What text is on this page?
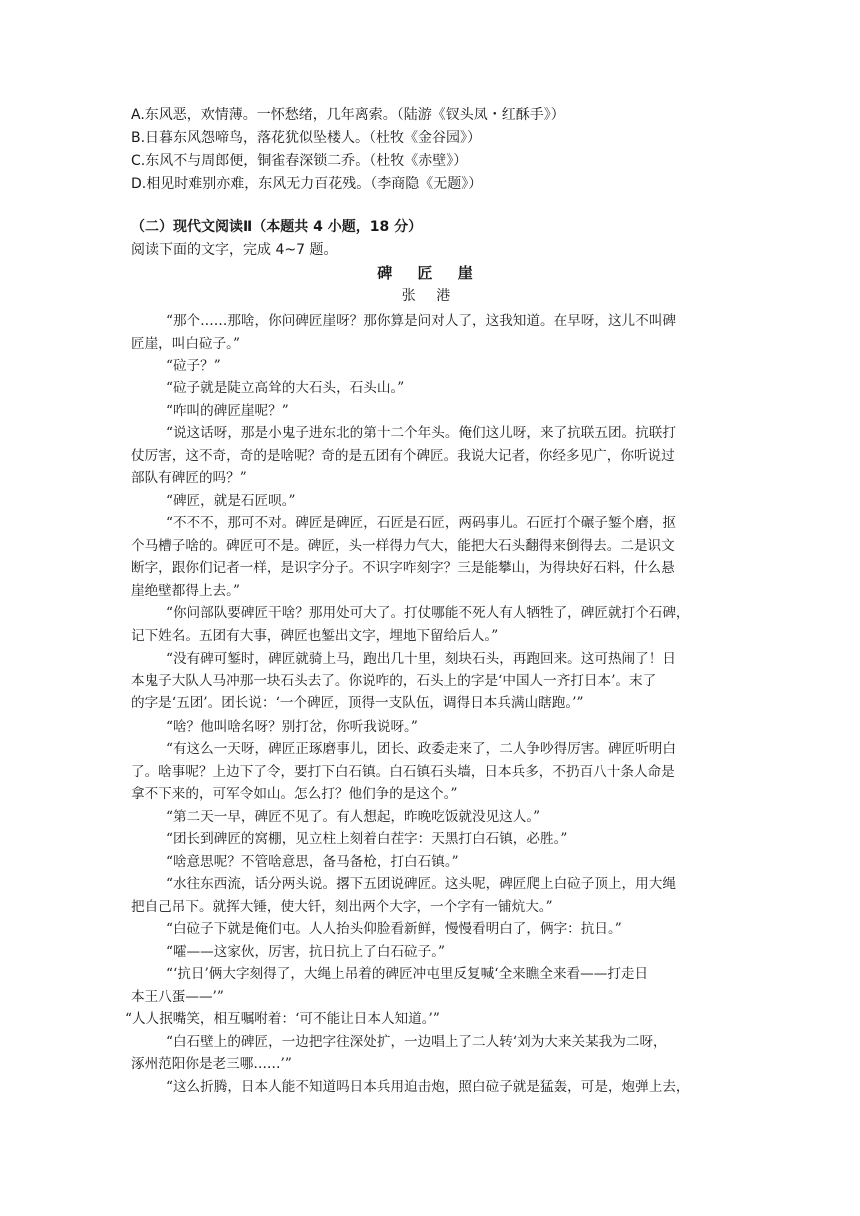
A.东风恶，欢情薄。一怀愁绪，几年离索。（陆游《钗头凤・红酥手》）
B.日暮东风怨啼鸟，落花犹似坠楼人。（杜牧《金谷园》）
C.东风不与周郎便，铜雀春深锁二乔。（杜牧《赤壁》）
D.相见时难别亦难，东风无力百花残。（李商隐《无题》）
（二）现代文阅读Ⅱ（本题共 4 小题，18 分）
阅读下面的文字，完成 4~7 题。
碑 匠 崖
张 港
“那个……那啥，你问碑匠崖呀？那你算是问对人了，这我知道。在早呀，这儿不叫碑
匠崖，叫白砬子。”
“砬子？”
“砬子就是陡立高耸的大石头，石头山。”
“咋叫的碑匠崖呢？”
“说这话呀，那是小鬼子进东北的第十二个年头。俺们这儿呀，来了抗联五团。抗联打
仗厉害，这不奇，奇的是啥呢？奇的是五团有个碑匠。我说大记者，你经多见广，你听说过
部队有碑匠的吗？”
“碑匠，就是石匠呗。”
“不不不，那可不对。碑匠是碑匠，石匠是石匠，两码事儿。石匠打个碾子錾个磨，抠
个马槽子啥的。碑匠可不是。碑匠，头一样得力气大，能把大石头翻得来倒得去。二是识文
断字，跟你们记者一样，是识字分子。不识字咋刻字？三是能攀山，为得块好石料，什么悬
崖绝壁都得上去。”
“你问部队要碑匠干啥？那用处可大了。打仗哪能不死人有人牺牲了，碑匠就打个石碑，
记下姓名。五团有大事，碑匠也錾出文字，埋地下留给后人。”
“没有碑可錾时，碑匠就骑上马，跑出几十里，刻块石头，再跑回来。这可热闹了！日
本鬼子大队人马冲那一块石头去了。你说咋的，石头上的字是‘中国人一齐打日本’。末了
的字是‘五团’。团长说：‘一个碑匠，顶得一支队伍，调得日本兵满山瞎跑。’”
“啥？他叫啥名呀？别打岔，你听我说呀。”
“有这么一天呀，碑匠正琢磨事儿，团长、政委走来了，二人争吵得厉害。碑匠听明白
了。啥事呢？上边下了令，要打下白石镇。白石镇石头墙，日本兵多，不扔百八十条人命是
拿不下来的，可军令如山。怎么打？他们争的是这个。”
“第二天一早，碑匠不见了。有人想起，昨晚吃饭就没见这人。”
“团长到碑匠的窝棚，见立柱上刻着白茬字：天黑打白石镇，必胜。”
“啥意思呢？不管啥意思，备马备枪，打白石镇。”
“水往东西流，话分两头说。撂下五团说碑匠。这头呢，碑匠爬上白砬子顶上，用大绳
把自己吊下。就挥大锤，使大钎，刻出两个大字，一个字有一铺炕大。”
“白砬子下就是俺们屯。人人抬头仰脸看新鲜，慢慢看明白了，俩字：抗日。”
“嚯——这家伙，厉害，抗日抗上了白石砬子。”
“‘抗日’俩大字刻得了，大绳上吊着的碑匠冲屯里反复喊‘全来瞧全来看——打走日
本王八蛋——’”
“人人抿嘴笑，相互嘱咐着：‘可不能让日本人知道。’”
“白石壁上的碑匠，一边把字往深处扩，一边唱上了二人转‘刘为大来关某我为二呀，
涿州范阳你是老三哪……’”
“这么折腾，日本人能不知道吗日本兵用迫击炮，照白砬子就是猛轰，可是，炮弹上去，
